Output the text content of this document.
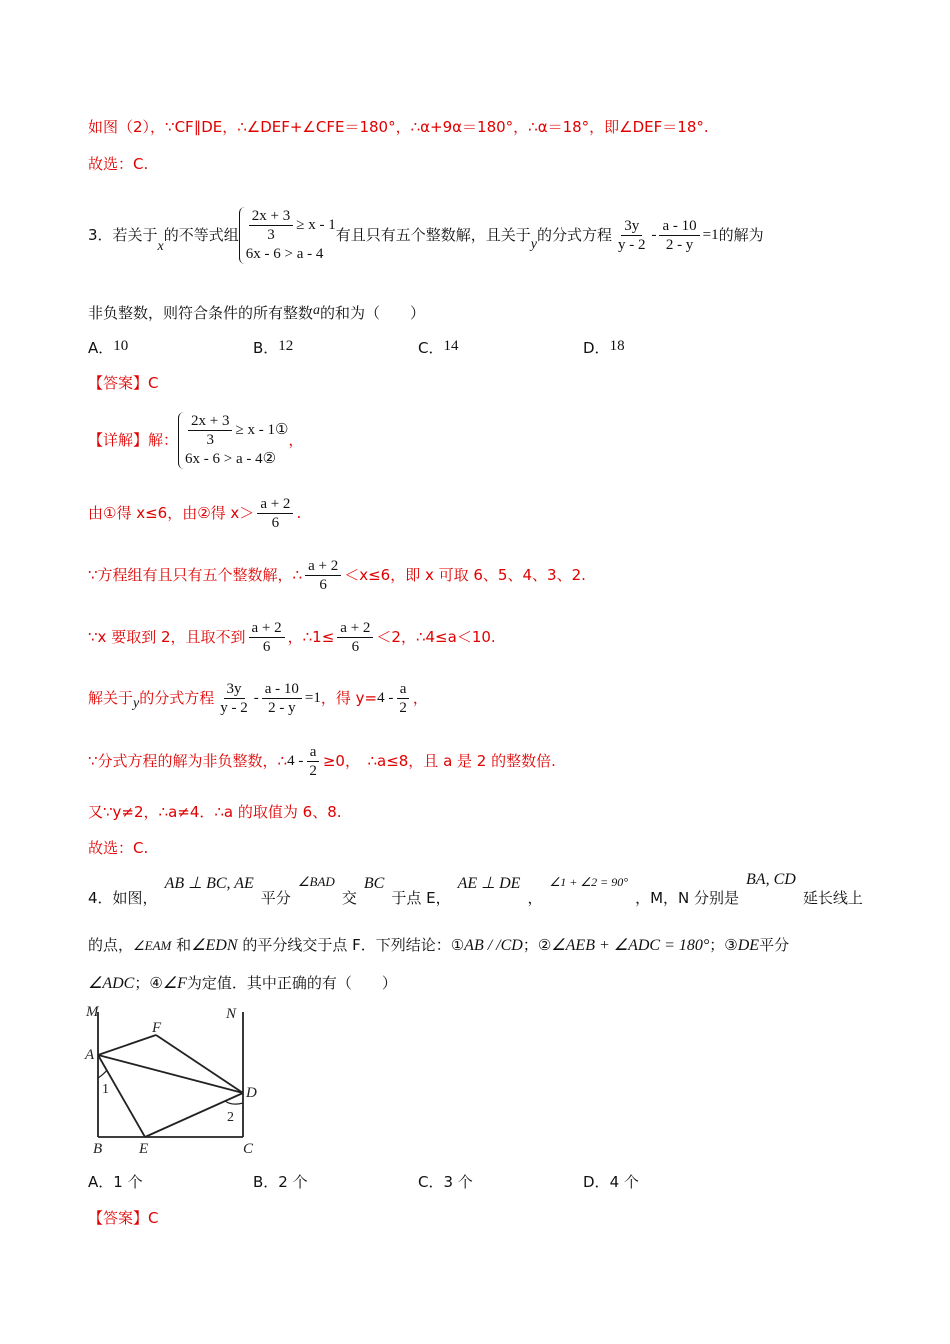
如图（2），∵CF∥DE，∴∠DEF+∠CFE＝180°，∴α+9α＝180°，∴α＝18°，即∠DEF＝18°.
故选：C.
3．若关于
x
的不等式组 $\frac{2x + 3}{3} \ge x - 1$
6x - 6 > a - 4
有且只有五个整数解，且关于
y
的分式方程 $\frac{3y}{y - 2} - \frac{a - 10}{2 - y} =1$ 的解为
非负整数，则符合条件的所有整数a的和为（　　）
A．10	B．12	C．14	D．18
【答案】C
【详解】解： $\frac{2x + 3}{3} \ge x$ - 1①
6x - 6 > a - 4②
，
由①得 x≤6，由②得 $x> \frac{a + 2}{6}$ .
∵方程组有且只有五个整数解，∴ $\frac{a + 2}{6} <x\le 6$，即 x 可取 6、5、4、3、2.
∵x 要取到 2，且取不到 $\frac{a + 2}{6}$ ，∴1≤ $\frac{a + 2}{6} <2$，∴4≤a＜10.
解关于 y 的分式方程 $\frac{3y}{y - 2} - \frac{a - 10}{2 - y} =1$ ，得 $y= 4 - \frac{a}{2}$ ，
∵分式方程的解为非负整数，∴ $4 - \frac{a}{2} \ge 0$，　∴a≤8，且 a 是 2 的整数倍.
又∵y≠2，∴a≠4．∴a 的取值为 6、8.
故选：C.
4．如图，
AB ⊥ BC, AE
平分
∠BAD
交
BC
于点 E，
AE ⊥ DE
，
∠1 + ∠2 = 90°
，M，N 分别是
BA, CD
延长线上
的点，∠EAM 和∠EDN 的平分线交于点 F．下列结论：①AB / /CD；②∠AEB + ∠ADC = 180°；③DE平分
∠ADC；④∠F为定值．其中正确的有（　　）
M	N
F
A
D
B E	C
1
2
A．1 个	B．2 个	C．3 个	D．4 个
【答案】C
